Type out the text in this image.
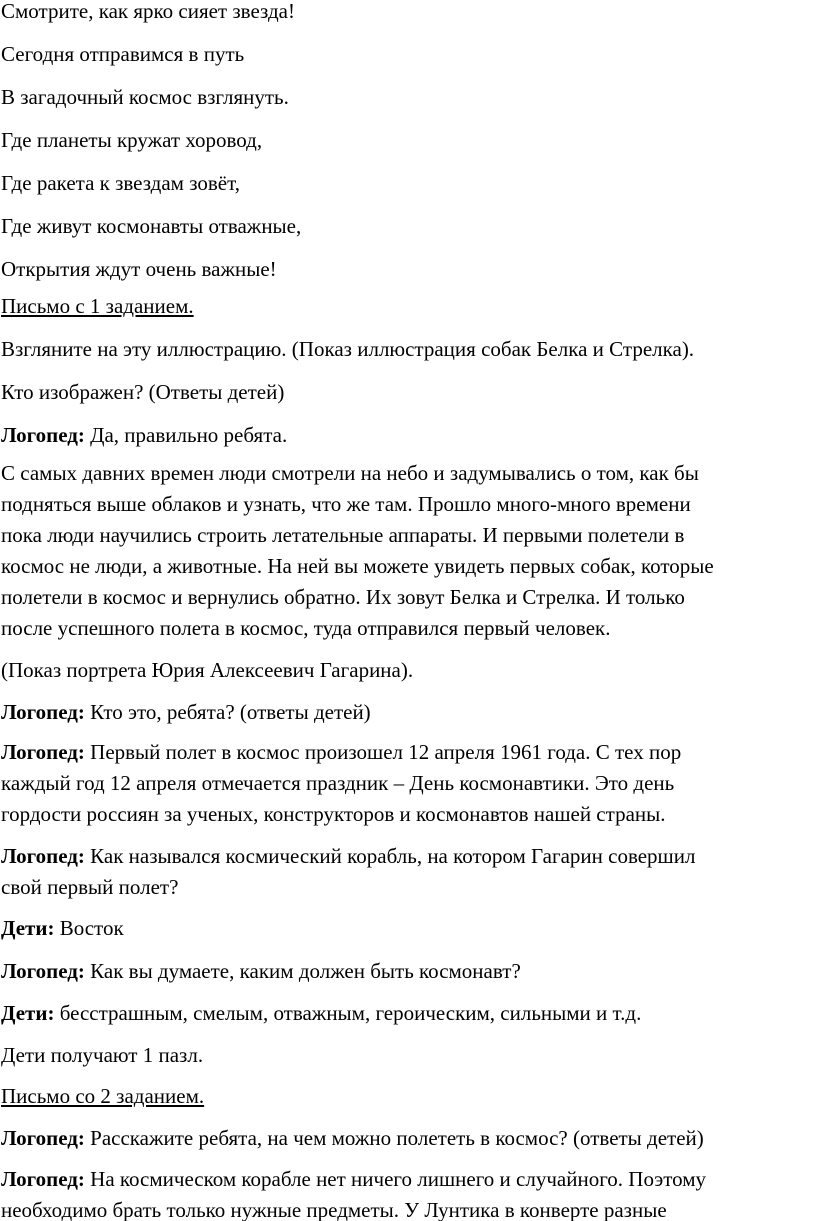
Смотрите, как ярко сияет звезда!

Сегодня отправимся в путь

В загадочный космос взглянуть.

Где планеты кружат хоровод,

Где ракета к звездам зовёт,

Где живут космонавты отважные,

Открытия ждут очень важные!

Письмо с 1 заданием.

Взгляните на эту иллюстрацию. (Показ иллюстрация собак Белка и Стрелка).

Кто изображен? (Ответы детей)

Логопед: Да, правильно ребята.

С самых давних времен люди смотрели на небо и задумывались о том, как бы
подняться выше облаков и узнать, что же там. Прошло много-много времени
пока люди научились строить летательные аппараты. И первыми полетели в
космос не люди, а животные. На ней вы можете увидеть первых собак, которые
полетели в космос и вернулись обратно. Их зовут Белка и Стрелка. И только
после успешного полета в космос, туда отправился первый человек.

(Показ портрета Юрия Алексеевич Гагарина).

Логопед: Кто это, ребята? (ответы детей)

Логопед: Первый полет в космос произошел 12 апреля 1961 года. С тех пор
каждый год 12 апреля отмечается праздник – День космонавтики. Это день
гордости россиян за ученых, конструкторов и космонавтов нашей страны.

Логопед: Как назывался космический корабль, на котором Гагарин совершил
свой первый полет?

Дети: Восток

Логопед: Как вы думаете, каким должен быть космонавт?

Дети: бесстрашным, смелым, отважным, героическим, сильными и т.д.

Дети получают 1 пазл.

Письмо со 2 заданием.

Логопед: Расскажите ребята, на чем можно полететь в космос? (ответы детей)

Логопед: На космическом корабле нет ничего лишнего и случайного. Поэтому
необходимо брать только нужные предметы. У Лунтика в конверте разные
